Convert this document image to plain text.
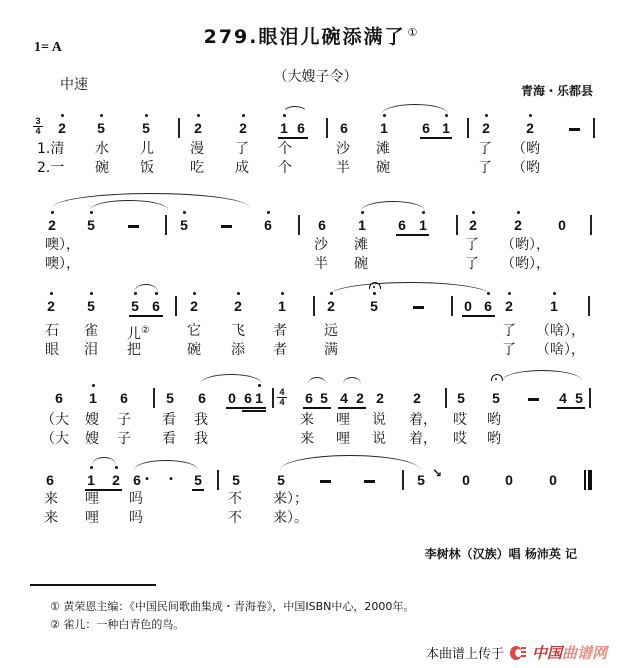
279.眼泪儿碗添满了 ①
1= A
中速	（大嫂子令）
青海・乐都县
3
4 2 5	5	2	2 1 6	6 1 6 1 2	2
1.清 水 儿	漫 了 个	沙 滩	了 （哟
2.一 碗 饭	吃 成 个	半 碗	了 （哟
2 5	5	6	6 1 6 1	2	2	0
噢），	沙 滩	了 （哟），
噢），	半 碗	了 （哟），
2 5	5 6 2	2	1	2	5	0 6 2	1
石 雀 儿②	它 飞 者	远	了 （啥），
眼 泪 把	碗 添 者	满	了 （啥），
6 1 6	5 6 0 6 1 4
4 6 5 4 2 2 2	5 5	4 5
（大 嫂 子 看 我	来 哩 说 着， 哎 哟
（大 嫂 子 看 我	来 哩 说 着， 哎 哟
6 1 2 6 •	•	5 5	5	5 ↘ 0	0	0
来 哩 吗	不 来）；
来 哩 吗	不 来）。
李树林（汉族）唱 杨沛英 记
① 黄荣恩主编：《中国民间歌曲集成・青海卷》，中国ISBN中心，2000年。
② 雀儿：一种白青色的鸟。
本曲谱上传于 中国曲谱网
